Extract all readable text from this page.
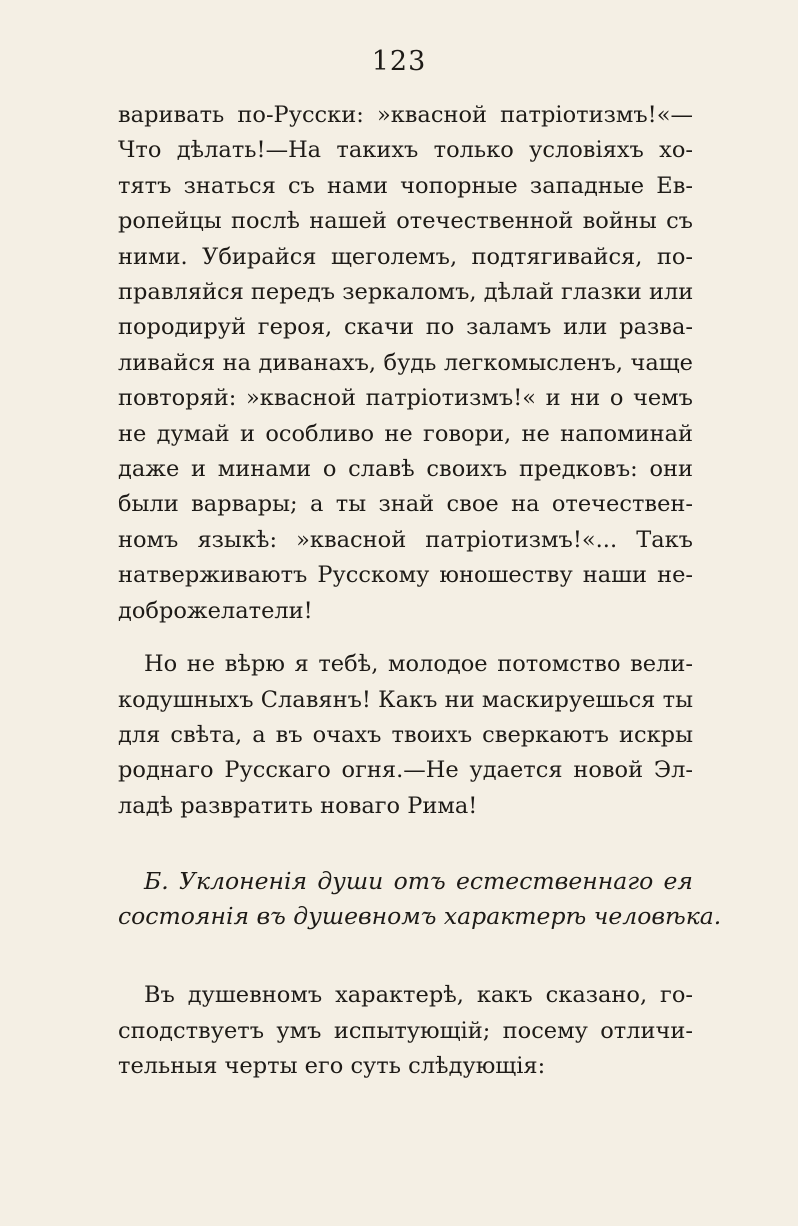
123
варивать по-Русски: »квасной патріотизмъ!«—
Что дѣлать!—На такихъ только условіяхъ хо-
тятъ знаться съ нами чопорные западные Ев-
ропейцы послѣ нашей отечественной войны съ
ними. Убирайся щеголемъ, подтягивайся, по-
правляйся передъ зеркаломъ, дѣлай глазки или
породируй героя, скачи по заламъ или разва-
ливайся на диванахъ, будь легкомысленъ, чаще
повторяй: »квасной патріотизмъ!« и ни о чемъ
не думай и особливо не говори, не напоминай
даже и минами о славѣ своихъ предковъ: они
были варвары; а ты знай свое на отечествен-
номъ языкѣ: »квасной патріотизмъ!«... Такъ
натверживаютъ Русскому юношеству наши не-
доброжелатели!
Но не вѣрю я тебѣ, молодое потомство вели-
кодушныхъ Славянъ! Какъ ни маскируешься ты
для свѣта, а въ очахъ твоихъ сверкаютъ искры
роднаго Русскаго огня.—Не удается новой Эл-
ладѣ развратить новаго Рима!
Б. Уклоненія души отъ естественнаго ея
состоянія въ душевномъ характерѣ человѣка.
Въ душевномъ характерѣ, какъ сказано, го-
сподствуетъ умъ испытующій; посему отличи-
тельныя черты его суть слѣдующія:
